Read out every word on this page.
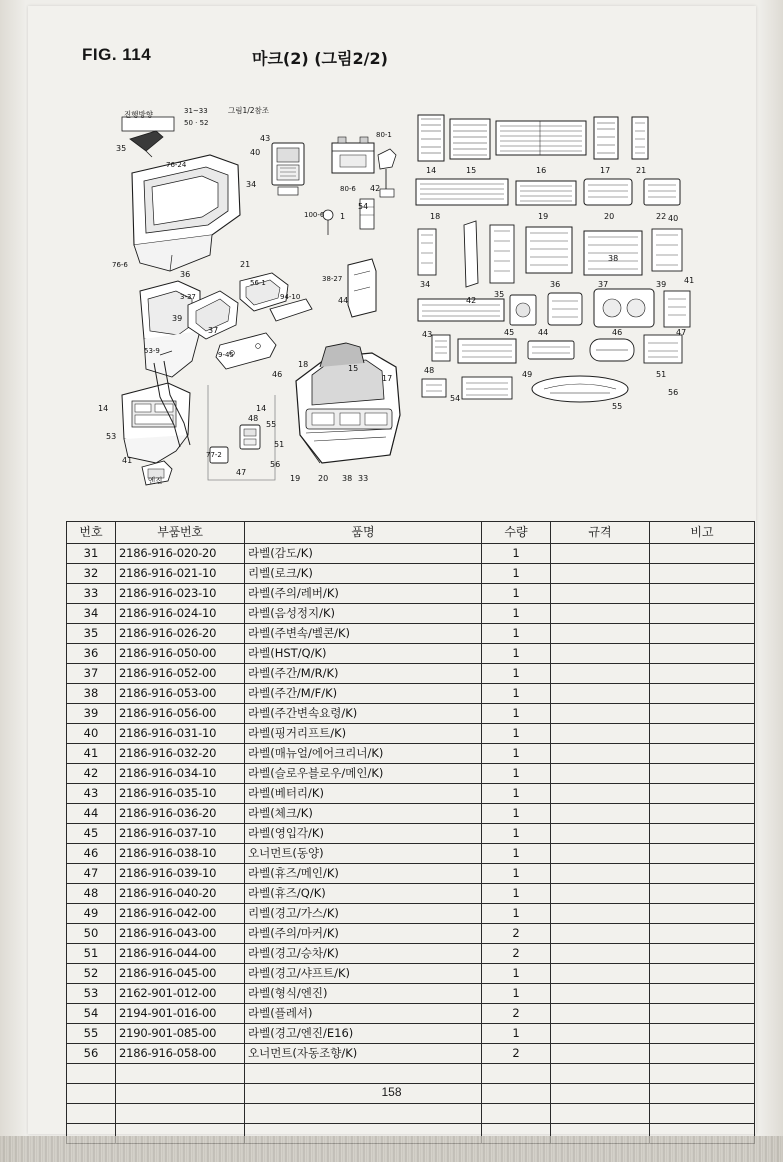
FIG. 114	마크(2) (그림2/2)
진행방향	31~33
50 · 52
그림1/2참조
35
76-24
40
34
43	80-1
80-6 42
54
100-6 1
76-6
36
21
56-1	38-27
3-37	94-10	44
39
37
9-45
53-9
18
46
15
17
14
55
14
53
41
엔진
77-2
47
48
51
56
19 20 38 33
14	15	16	17	21
18	19	20	22
34
42
35
36	37
38
39
40
41
43	45	44	46	47
48	49	51
54
55
56
번호	부품번호	품명	수량	규격	비고
31	2186-916-020-20	라벨(감도/K)	1		
32	2186-916-021-10	리벨(로크/K)	1		
33	2186-916-023-10	라벨(주의/레버/K)	1		
34	2186-916-024-10	라벨(음성정지/K)	1		
35	2186-916-026-20	라벨(주변속/벨콘/K)	1		
36	2186-916-050-00	라벨(HST/Q/K)	1		
37	2186-916-052-00	라벨(주간/M/R/K)	1		
38	2186-916-053-00	라벨(주간/M/F/K)	1		
39	2186-916-056-00	라벨(주간변속요령/K)	1		
40	2186-916-031-10	라벨(핑거리프트/K)	1		
41	2186-916-032-20	라벨(매뉴얼/에어크리너/K)	1		
42	2186-916-034-10	라벨(슬로우블로우/메인/K)	1		
43	2186-916-035-10	라벨(베터리/K)	1		
44	2186-916-036-20	라벨(체크/K)	1		
45	2186-916-037-10	라벨(영입각/K)	1		
46	2186-916-038-10	오너먼트(동양)	1		
47	2186-916-039-10	라벨(휴즈/메인/K)	1		
48	2186-916-040-20	라벨(휴즈/Q/K)	1		
49	2186-916-042-00	리벨(경고/가스/K)	1		
50	2186-916-043-00	라벨(주의/마커/K)	2		
51	2186-916-044-00	라벨(경고/승차/K)	2		
52	2186-916-045-00	라벨(경고/샤프트/K)	1		
53	2162-901-012-00	라벨(형식/엔진)	1		
54	2194-901-016-00	라벨(플레셔)	2		
55	2190-901-085-00	라벨(경고/엔진/E16)	1		
56	2186-916-058-00	오너먼트(자동조향/K)	2		

158
